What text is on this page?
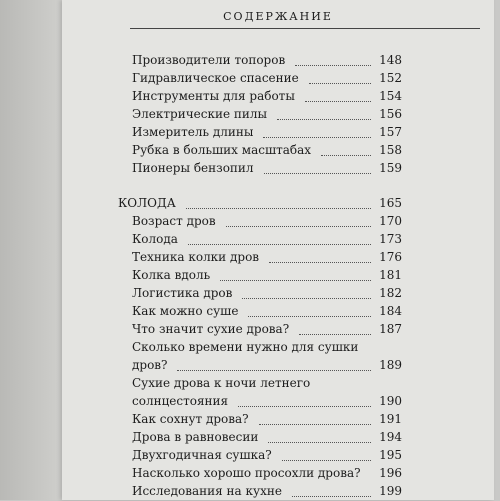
СОДЕРЖАНИЕ
Производители топоров	148
Гидравлическое спасение	152
Инструменты для работы	154
Электрические пилы	156
Измеритель длины	157
Рубка в больших масштабах	158
Пионеры бензопил	159
КОЛОДА	165
Возраст дров	170
Колода	173
Техника колки дров	176
Колка вдоль	181
Логистика дров	182
Как можно суше	184
Что значит сухие дрова?	187
Сколько времени нужно для сушки
дров?	189
Сухие дрова к ночи летнего
солнцестояния	190
Как сохнут дрова?	191
Дрова в равновесии	194
Двухгодичная сушка?	195
Насколько хорошо просохли дрова? 196
Исследования на кухне	199
